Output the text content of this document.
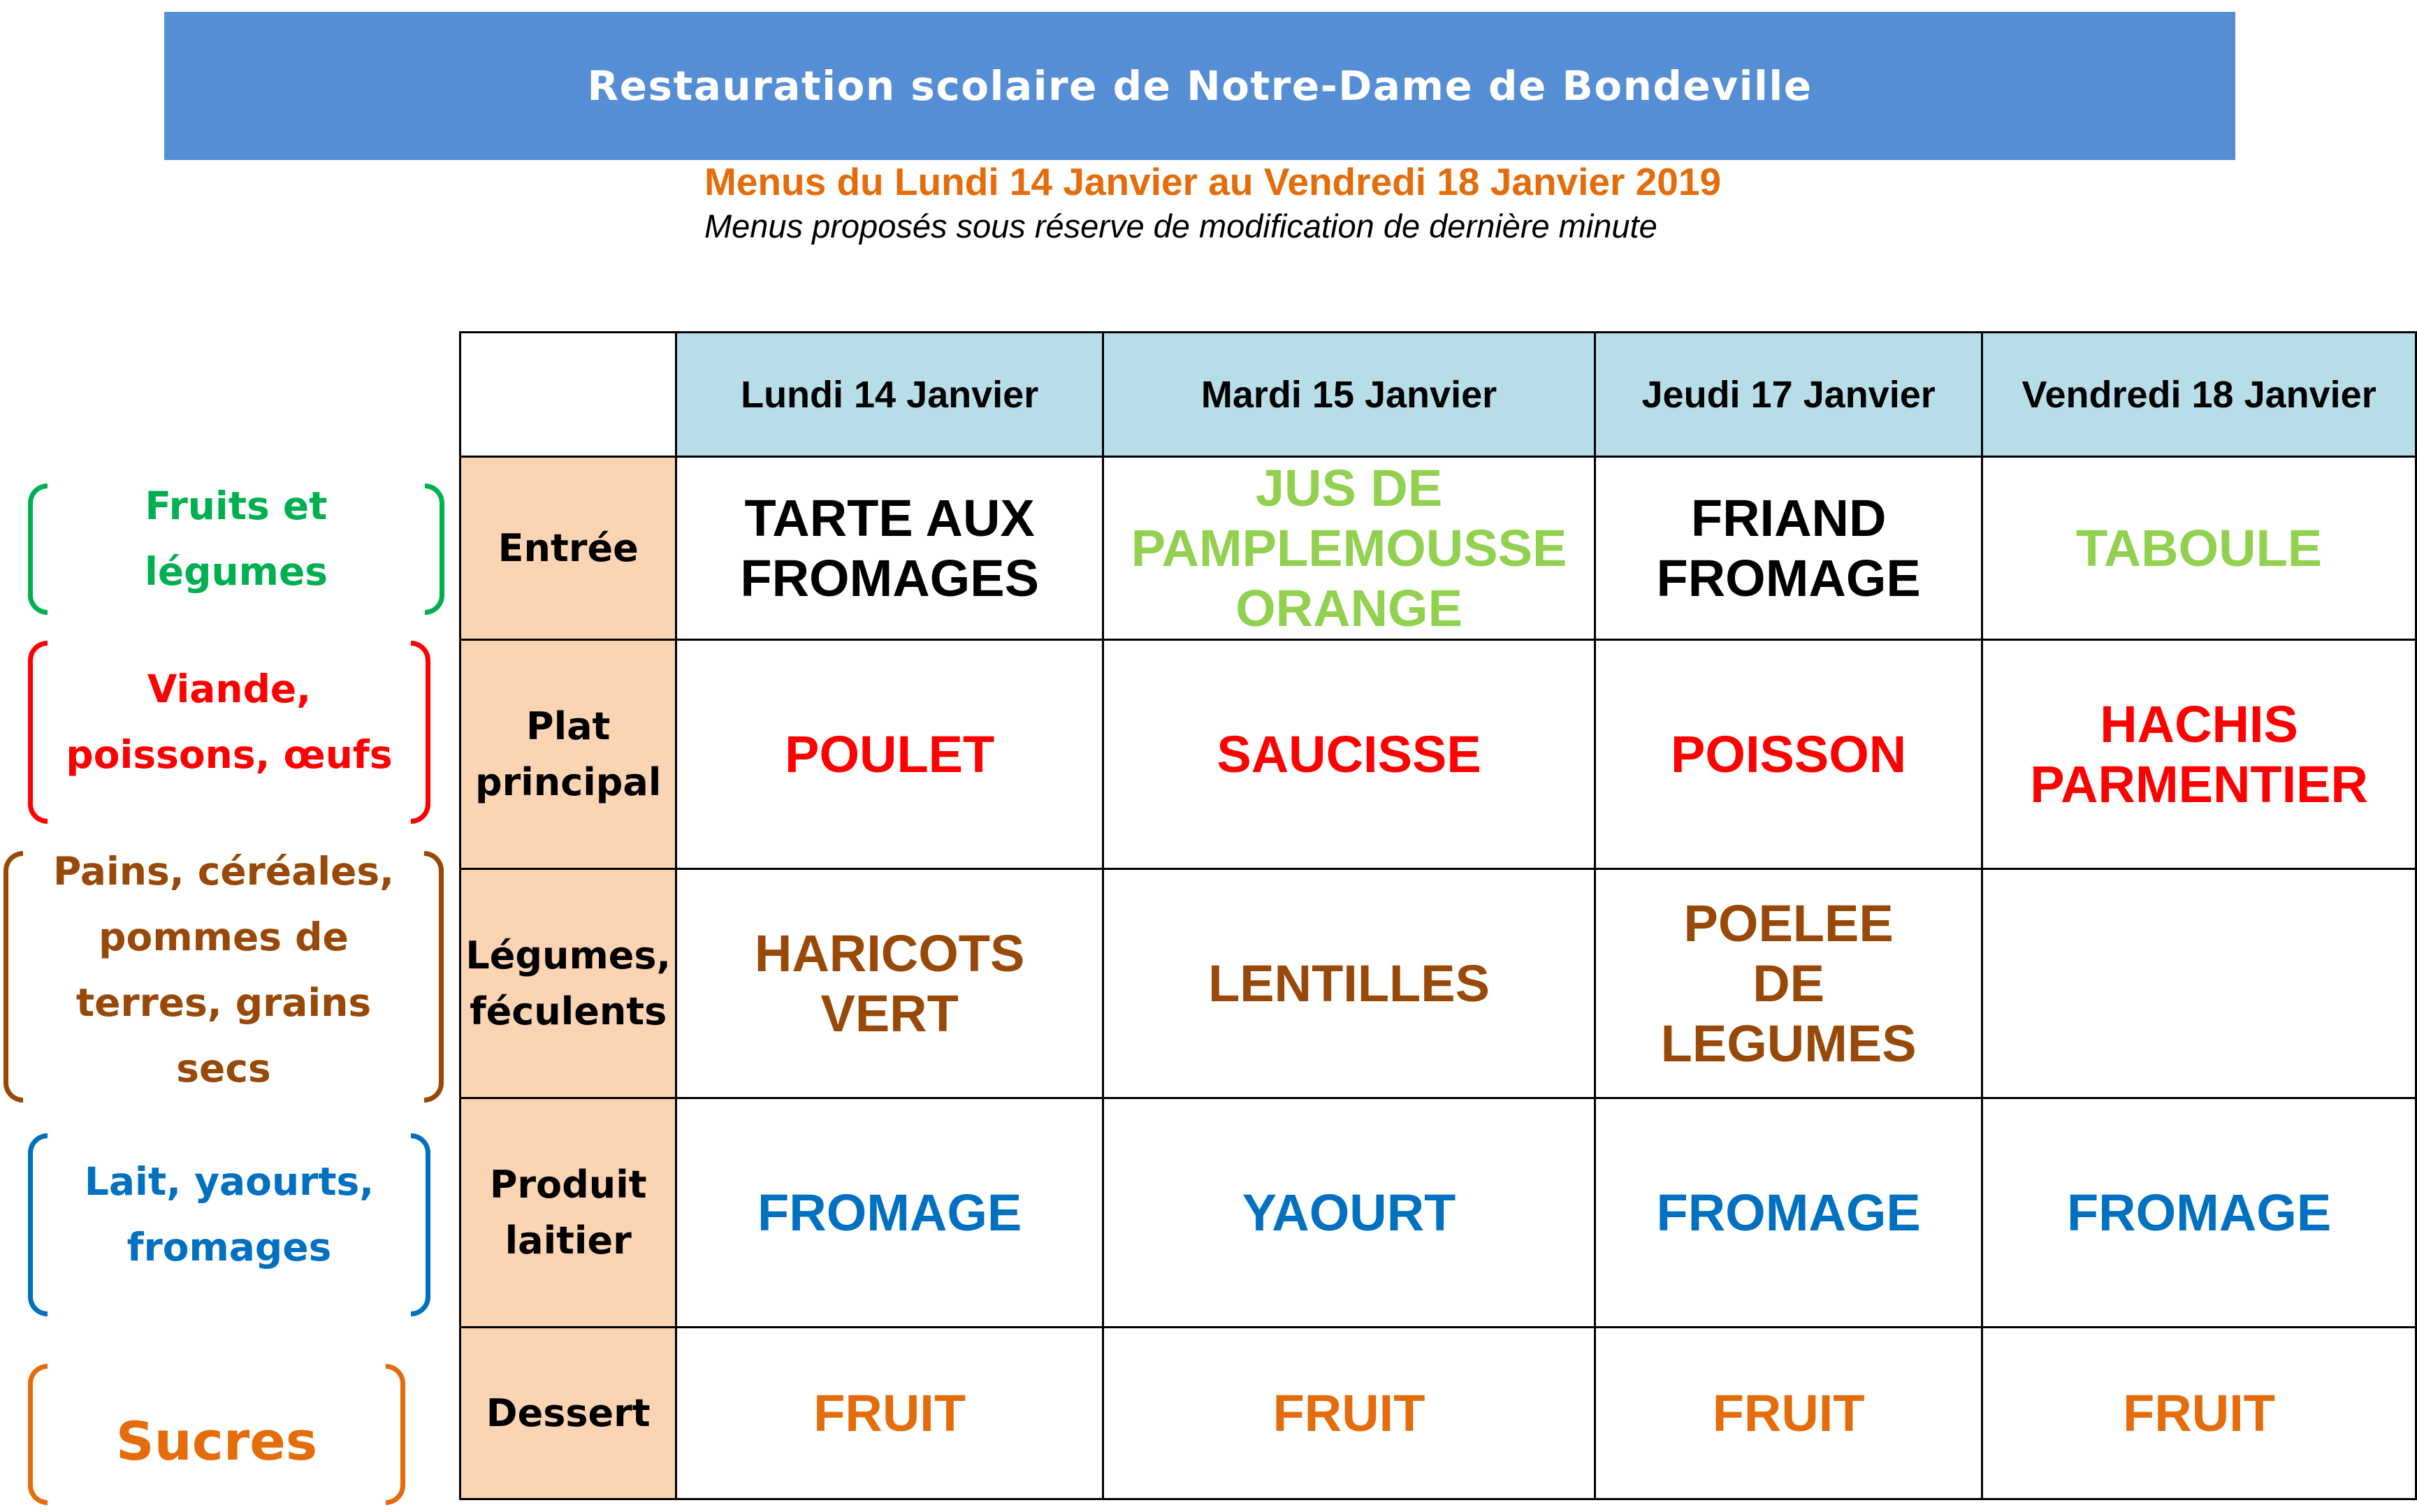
Restauration scolaire de Notre-Dame de Bondeville
Menus du Lundi 14 Janvier au Vendredi 18 Janvier 2019
Menus proposés sous réserve de modification de dernière minute
Fruits et légumes
Viande, poissons, œufs
Pains, céréales, pommes de terres, grains secs
Lait, yaourts, fromages
Sucres
	Lundi 14 Janvier	Mardi 15 Janvier	Jeudi 17 Janvier	Vendredi 18 Janvier
Entrée	TARTE AUX FROMAGES	JUS DE PAMPLEMOUSSE ORANGE	FRIAND FROMAGE	TABOULE
Plat principal	POULET	SAUCISSE	POISSON	HACHIS PARMENTIER
Légumes, féculents	HARICOTS VERT	LENTILLES	POELEE DE LEGUMES	
Produit laitier	FROMAGE	YAOURT	FROMAGE	FROMAGE
Dessert	FRUIT	FRUIT	FRUIT	FRUIT
